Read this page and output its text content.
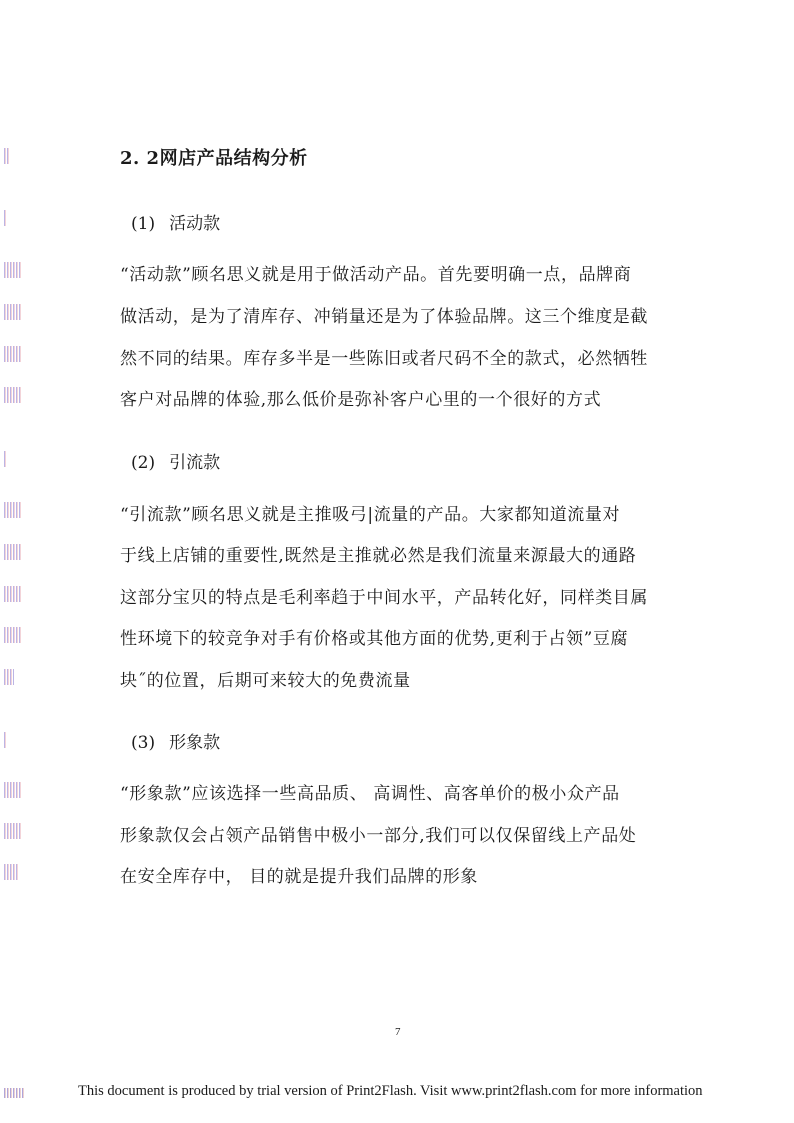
2. 2网店产品结构分析
(1) 活动款
“活动款”顾名思义就是用于做活动产品。首先要明确一点，品牌商
做活动，是为了清库存、冲销量还是为了体验品牌。这三个维度是截
然不同的结果。库存多半是一些陈旧或者尺码不全的款式，必然牺牲
客户对品牌的体验,那么低价是弥补客户心里的一个很好的方式
(2) 引流款
“引流款”顾名思义就是主推吸弓|流量的产品。大家都知道流量对
于线上店铺的重要性,既然是主推就必然是我们流量来源最大的通路
这部分宝贝的特点是毛利率趋于中间水平，产品转化好，同样类目属
性环境下的较竞争对手有价格或其他方面的优势,更利于占领”豆腐
块˝的位置，后期可来较大的免费流量
(3) 形象款
“形象款”应该选择一些高品质、 高调性、高客单价的极小众产品
形象款仅会占领产品销售中极小一部分,我们可以仅保留线上产品处
在安全库存中， 目的就是提升我们品牌的形象
7
This document is produced by trial version of Print2Flash. Visit www.print2flash.com for more information
